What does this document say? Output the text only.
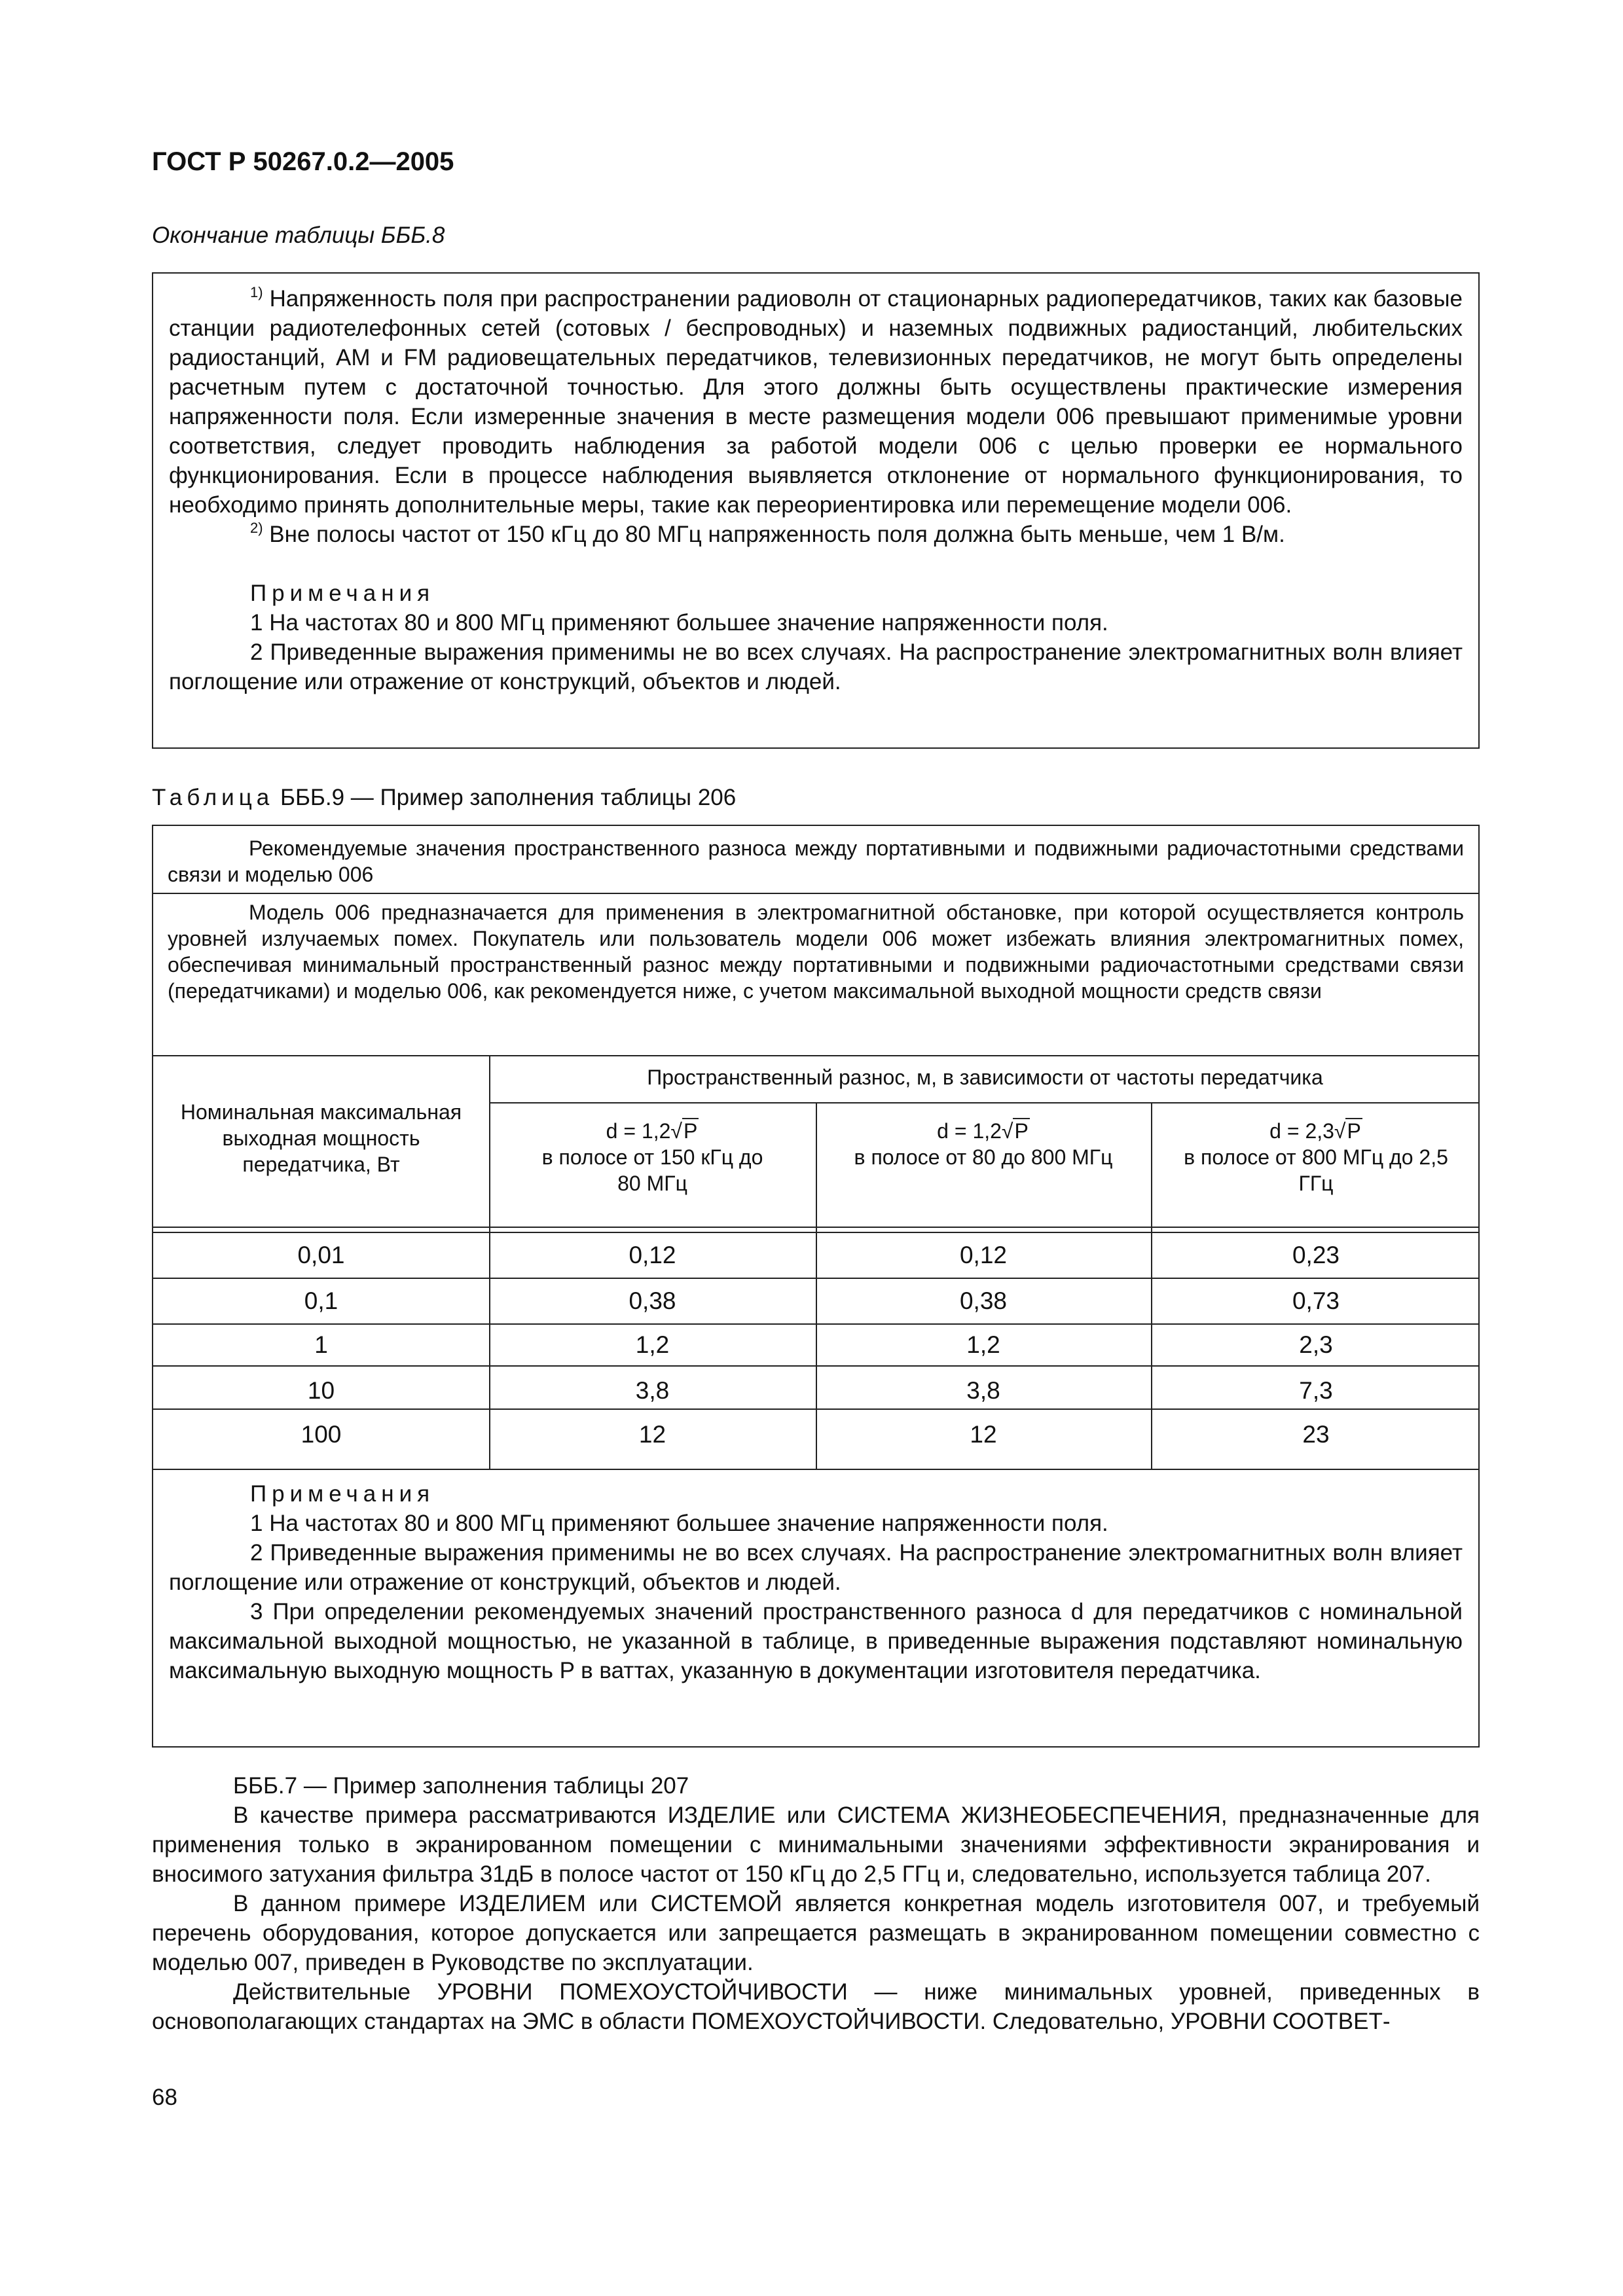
ГОСТ Р 50267.0.2—2005
Окончание таблицы БББ.8

$^{1)}$ Напряженность поля при распространении радиоволн от стационарных радиопередатчиков, таких как базовые станции радиотелефонных сетей (сотовых / беспроводных) и наземных подвижных радиостанций, любительских радиостанций, AM и FM радиовещательных передатчиков, телевизионных передатчиков, не могут быть определены расчетным путем с достаточной точностью. Для этого должны быть осуществлены практические измерения напряженности поля. Если измеренные значения в месте размещения модели 006 превышают применимые уровни соответствия, следует проводить наблюдения за работой модели 006 с целью проверки ее нормального функционирования. Если в процессе наблюдения выявляется отклонение от нормального функционирования, то необходимо принять дополнительные меры, такие как переориентировка или перемещение модели 006.

$^{2)}$ Вне полосы частот от 150 кГц до 80 МГц напряженность поля должна быть меньше, чем 1 В/м.

Примечания

1 На частотах 80 и 800 МГц применяют большее значение напряженности поля.

2 Приведенные выражения применимы не во всех случаях. На распространение электромагнитных волн влияет поглощение или отражение от конструкций, объектов и людей.

Таблица БББ.9 — Пример заполнения таблицы 206
Рекомендуемые значения пространственного разноса между портативными и подвижными радиочастотными средствами связи и моделью 006
Модель 006 предназначается для применения в электромагнитной обстановке, при которой осуществляется контроль уровней излучаемых помех. Покупатель или пользователь модели 006 может избежать влияния электромагнитных помех, обеспечивая минимальный пространственный разнос между портативными и подвижными радиочастотными средствами связи (передатчиками) и моделью 006, как рекомендуется ниже, с учетом максимальной выходной мощности средств связи
Номинальная максимальная выходная мощность передатчика, Вт
Пространственный разнос, м, в зависимости от частоты передатчика
d = 1,2√P
в полосе от 150 кГц до 80 МГц
d = 1,2√P
в полосе от 80 до 800 МГц
d = 2,3√P
в полосе от 800 МГц до 2,5 ГГц
0,01	0,12	0,12	0,23
0,1	0,38	0,38	0,73
1	1,2	1,2	2,3
10	3,8	3,8	7,3
100	12	12	23

Примечания

1 На частотах 80 и 800 МГц применяют большее значение напряженности поля.

2 Приведенные выражения применимы не во всех случаях. На распространение электромагнитных волн влияет поглощение или отражение от конструкций, объектов и людей.

3 При определении рекомендуемых значений пространственного разноса d для передатчиков с номинальной максимальной выходной мощностью, не указанной в таблице, в приведенные выражения подставляют номинальную максимальную выходную мощность P в ваттах, указанную в документации изготовителя передатчика.

БББ.7 — Пример заполнения таблицы 207

В качестве примера рассматриваются ИЗДЕЛИЕ или СИСТЕМА ЖИЗНЕОБЕСПЕЧЕНИЯ, предназначенные для применения только в экранированном помещении с минимальными значениями эффективности экранирования и вносимого затухания фильтра 31дБ в полосе частот от 150 кГц до 2,5 ГГц и, следовательно, используется таблица 207.

В данном примере ИЗДЕЛИЕМ или СИСТЕМОЙ является конкретная модель изготовителя 007, и требуемый перечень оборудования, которое допускается или запрещается размещать в экранированном помещении совместно с моделью 007, приведен в Руководстве по эксплуатации.

Действительные УРОВНИ ПОМЕХОУСТОЙЧИВОСТИ — ниже минимальных уровней, приведенных в основополагающих стандартах на ЭМС в области ПОМЕХОУСТОЙЧИВОСТИ. Следовательно, УРОВНИ СООТВЕТ-

68
